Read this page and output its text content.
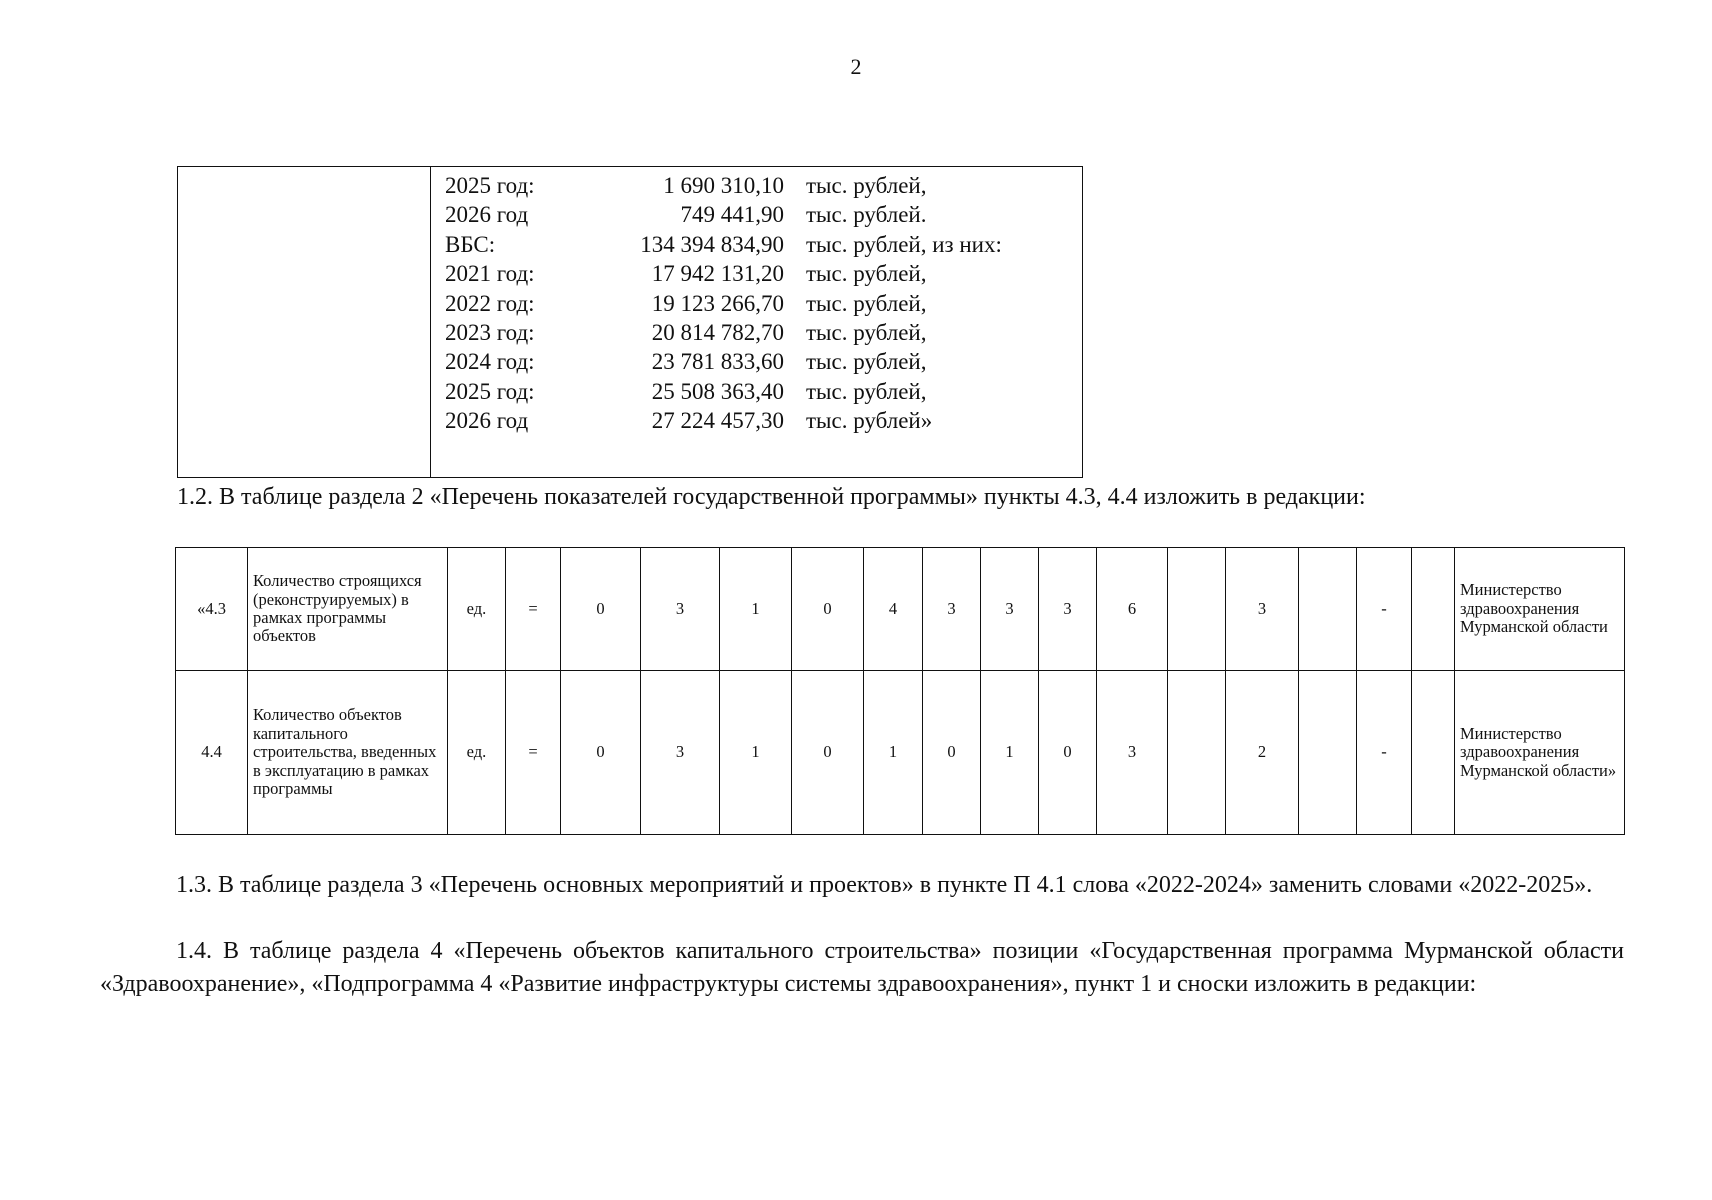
2
2025 год:	1 690 310,10 тыс. рублей,
2026 год	749 441,90 тыс. рублей.
ВБС:	134 394 834,90 тыс. рублей, из них:
2021 год:	17 942 131,20 тыс. рублей,
2022 год:	19 123 266,70 тыс. рублей,
2023 год:	20 814 782,70 тыс. рублей,
2024 год:	23 781 833,60 тыс. рублей,
2025 год:	25 508 363,40 тыс. рублей,
2026 год	27 224 457,30 тыс. рублей»
1.2. В таблице раздела 2 «Перечень показателей государственной программы» пункты 4.3, 4.4 изложить в редакции:
«4.3	Количество строящихся (реконструируемых) в рамках программы объектов	ед.	=	0	3	1	0	4	3	3	3	6		3		-		Министерство здравоохранения Мурманской области
4.4	Количество объектов капитального строительства, введенных в эксплуатацию в рамках программы	ед.	=	0	3	1	0	1	0	1	0	3		2		-		Министерство здравоохранения Мурманской области»
1.3. В таблице раздела 3 «Перечень основных мероприятий и проектов» в пункте П 4.1 слова «2022-2024» заменить словами «2022-2025».
1.4. В таблице раздела 4 «Перечень объектов капитального строительства» позиции «Государственная программа Мурманской области «Здравоохранение», «Подпрограмма 4 «Развитие инфраструктуры системы здравоохранения», пункт 1 и сноски изложить в редакции:
